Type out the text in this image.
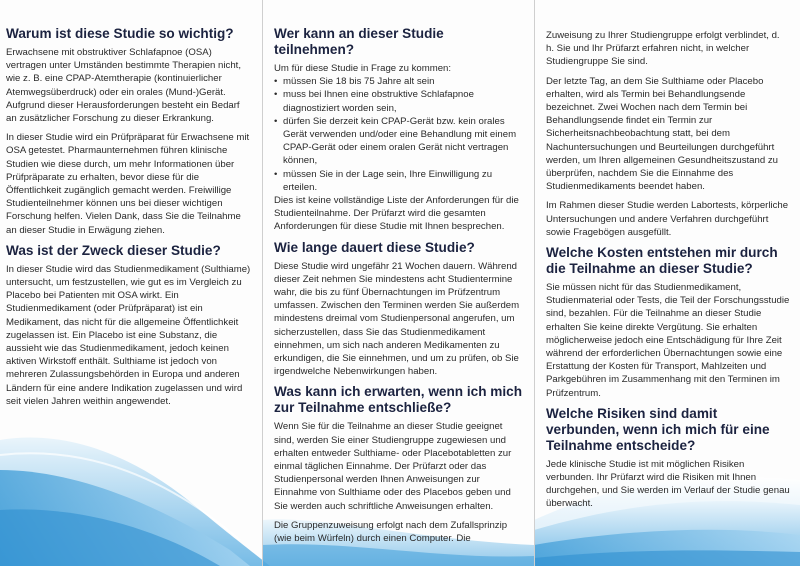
Warum ist diese Studie so wichtig?

Erwachsene mit obstruktiver Schlafapnoe (OSA) vertragen unter Umständen bestimmte Therapien nicht, wie z. B. eine CPAP-Atemtherapie (kontinuierlicher Atemwegsüberdruck) oder ein orales (Mund-)Gerät. Aufgrund dieser Herausforderungen besteht ein Bedarf an zusätzlicher Forschung zu dieser Erkrankung.

In dieser Studie wird ein Prüfpräparat für Erwachsene mit OSA getestet. Pharmaunternehmen führen klinische Studien wie diese durch, um mehr Informationen über Prüfpräparate zu erhalten, bevor diese für die Öffentlichkeit zugänglich gemacht werden. Freiwillige Studienteilnehmer können uns bei dieser wichtigen Forschung helfen. Vielen Dank, dass Sie die Teilnahme an dieser Studie in Erwägung ziehen.

Was ist der Zweck dieser Studie?

In dieser Studie wird das Studienmedikament (Sulthiame) untersucht, um festzustellen, wie gut es im Vergleich zu Placebo bei Patienten mit OSA wirkt. Ein Studienmedikament (oder Prüfpräparat) ist ein Medikament, das nicht für die allgemeine Öffentlichkeit zugelassen ist. Ein Placebo ist eine Substanz, die aussieht wie das Studienmedikament, jedoch keinen aktiven Wirkstoff enthält. Sulthiame ist jedoch von mehreren Zulassungsbehörden in Europa und anderen Ländern für eine andere Indikation zugelassen und wird seit vielen Jahren weithin angewendet.

Wer kann an dieser Studie teilnehmen?

Um für diese Studie in Frage zu kommen:

• müssen Sie 18 bis 75 Jahre alt sein
• muss bei Ihnen eine obstruktive Schlafapnoe diagnostiziert worden sein,
• dürfen Sie derzeit kein CPAP-Gerät bzw. kein orales Gerät verwenden und/oder eine Behandlung mit einem CPAP-Gerät oder einem oralen Gerät nicht vertragen können,
• müssen Sie in der Lage sein, Ihre Einwilligung zu erteilen.

Dies ist keine vollständige Liste der Anforderungen für die Studienteilnahme. Der Prüfarzt wird die gesamten Anforderungen für diese Studie mit Ihnen besprechen.

Wie lange dauert diese Studie?

Diese Studie wird ungefähr 21 Wochen dauern. Während dieser Zeit nehmen Sie mindestens acht Studientermine wahr, die bis zu fünf Übernachtungen im Prüfzentrum umfassen. Zwischen den Terminen werden Sie außerdem mindestens dreimal vom Studienpersonal angerufen, um sicherzustellen, dass Sie das Studienmedikament einnehmen, um sich nach anderen Medikamenten zu erkundigen, die Sie einnehmen, und um zu prüfen, ob Sie irgendwelche Nebenwirkungen haben.

Was kann ich erwarten, wenn ich mich zur Teilnahme entschließe?

Wenn Sie für die Teilnahme an dieser Studie geeignet sind, werden Sie einer Studiengruppe zugewiesen und erhalten entweder Sulthiame- oder Placebotabletten zur einmal täglichen Einnahme. Der Prüfarzt oder das Studienpersonal werden Ihnen Anweisungen zur Einnahme von Sulthiame oder des Placebos geben und Sie werden auch schriftliche Anweisungen erhalten.

Die Gruppenzuweisung erfolgt nach dem Zufallsprinzip (wie beim Würfeln) durch einen Computer. Die

Zuweisung zu Ihrer Studiengruppe erfolgt verblindet, d. h. Sie und Ihr Prüfarzt erfahren nicht, in welcher Studiengruppe Sie sind.

Der letzte Tag, an dem Sie Sulthiame oder Placebo erhalten, wird als Termin bei Behandlungsende bezeichnet. Zwei Wochen nach dem Termin bei Behandlungsende findet ein Termin zur Sicherheitsnachbeobachtung statt, bei dem Nachuntersuchungen und Beurteilungen durchgeführt werden, um Ihren allgemeinen Gesundheitszustand zu überprüfen, nachdem Sie die Einnahme des Studienmedikaments beendet haben.

Im Rahmen dieser Studie werden Labortests, körperliche Untersuchungen und andere Verfahren durchgeführt sowie Fragebögen ausgefüllt.

Welche Kosten entstehen mir durch die Teilnahme an dieser Studie?

Sie müssen nicht für das Studienmedikament, Studienmaterial oder Tests, die Teil der Forschungsstudie sind, bezahlen. Für die Teilnahme an dieser Studie erhalten Sie keine direkte Vergütung. Sie erhalten möglicherweise jedoch eine Entschädigung für Ihre Zeit während der erforderlichen Übernachtungen sowie eine Erstattung der Kosten für Transport, Mahlzeiten und Parkgebühren im Zusammenhang mit den Terminen im Prüfzentrum.

Welche Risiken sind damit verbunden, wenn ich mich für eine Teilnahme entscheide?

Jede klinische Studie ist mit möglichen Risiken verbunden. Ihr Prüfarzt wird die Risiken mit Ihnen durchgehen, und Sie werden im Verlauf der Studie genau überwacht.
